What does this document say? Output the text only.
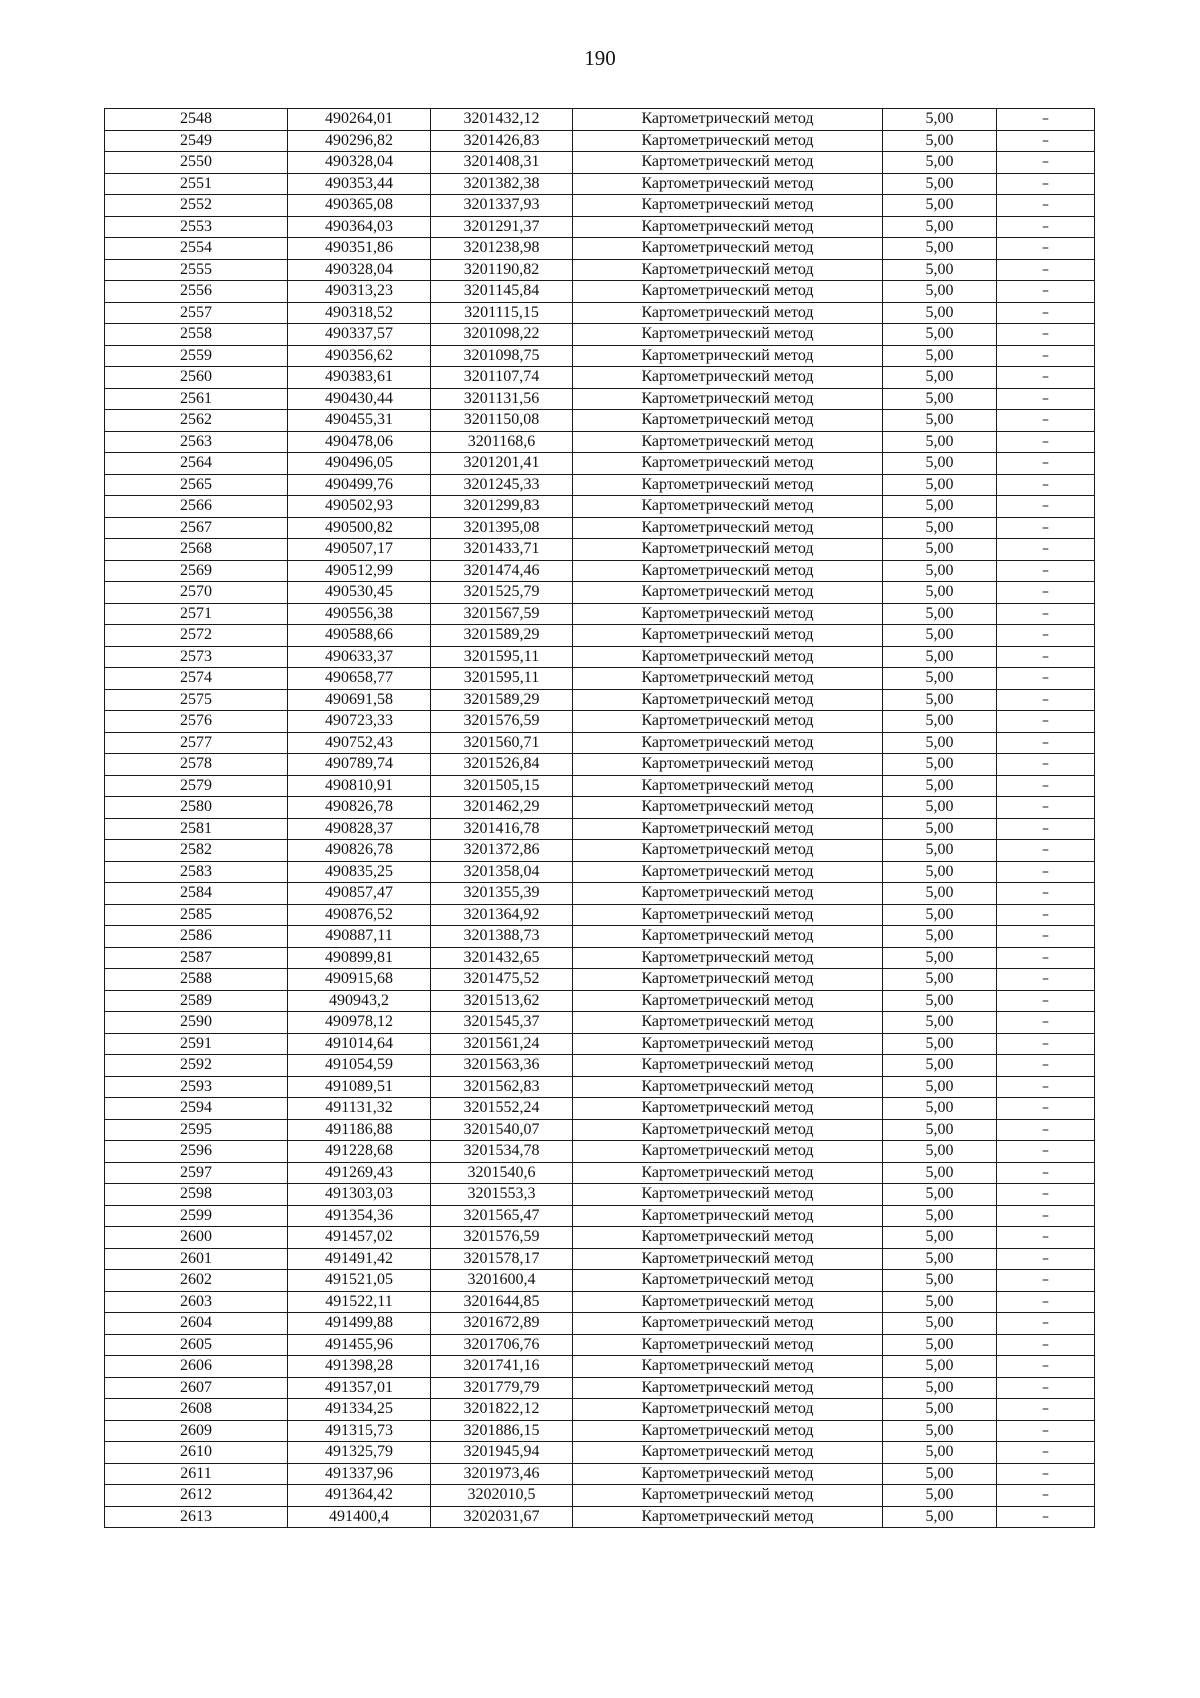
190
2548	490264,01	3201432,12	Картометрический метод	5,00	–
2549	490296,82	3201426,83	Картометрический метод	5,00	–
2550	490328,04	3201408,31	Картометрический метод	5,00	–
2551	490353,44	3201382,38	Картометрический метод	5,00	–
2552	490365,08	3201337,93	Картометрический метод	5,00	–
2553	490364,03	3201291,37	Картометрический метод	5,00	–
2554	490351,86	3201238,98	Картометрический метод	5,00	–
2555	490328,04	3201190,82	Картометрический метод	5,00	–
2556	490313,23	3201145,84	Картометрический метод	5,00	–
2557	490318,52	3201115,15	Картометрический метод	5,00	–
2558	490337,57	3201098,22	Картометрический метод	5,00	–
2559	490356,62	3201098,75	Картометрический метод	5,00	–
2560	490383,61	3201107,74	Картометрический метод	5,00	–
2561	490430,44	3201131,56	Картометрический метод	5,00	–
2562	490455,31	3201150,08	Картометрический метод	5,00	–
2563	490478,06	3201168,6	Картометрический метод	5,00	–
2564	490496,05	3201201,41	Картометрический метод	5,00	–
2565	490499,76	3201245,33	Картометрический метод	5,00	–
2566	490502,93	3201299,83	Картометрический метод	5,00	–
2567	490500,82	3201395,08	Картометрический метод	5,00	–
2568	490507,17	3201433,71	Картометрический метод	5,00	–
2569	490512,99	3201474,46	Картометрический метод	5,00	–
2570	490530,45	3201525,79	Картометрический метод	5,00	–
2571	490556,38	3201567,59	Картометрический метод	5,00	–
2572	490588,66	3201589,29	Картометрический метод	5,00	–
2573	490633,37	3201595,11	Картометрический метод	5,00	–
2574	490658,77	3201595,11	Картометрический метод	5,00	–
2575	490691,58	3201589,29	Картометрический метод	5,00	–
2576	490723,33	3201576,59	Картометрический метод	5,00	–
2577	490752,43	3201560,71	Картометрический метод	5,00	–
2578	490789,74	3201526,84	Картометрический метод	5,00	–
2579	490810,91	3201505,15	Картометрический метод	5,00	–
2580	490826,78	3201462,29	Картометрический метод	5,00	–
2581	490828,37	3201416,78	Картометрический метод	5,00	–
2582	490826,78	3201372,86	Картометрический метод	5,00	–
2583	490835,25	3201358,04	Картометрический метод	5,00	–
2584	490857,47	3201355,39	Картометрический метод	5,00	–
2585	490876,52	3201364,92	Картометрический метод	5,00	–
2586	490887,11	3201388,73	Картометрический метод	5,00	–
2587	490899,81	3201432,65	Картометрический метод	5,00	–
2588	490915,68	3201475,52	Картометрический метод	5,00	–
2589	490943,2	3201513,62	Картометрический метод	5,00	–
2590	490978,12	3201545,37	Картометрический метод	5,00	–
2591	491014,64	3201561,24	Картометрический метод	5,00	–
2592	491054,59	3201563,36	Картометрический метод	5,00	–
2593	491089,51	3201562,83	Картометрический метод	5,00	–
2594	491131,32	3201552,24	Картометрический метод	5,00	–
2595	491186,88	3201540,07	Картометрический метод	5,00	–
2596	491228,68	3201534,78	Картометрический метод	5,00	–
2597	491269,43	3201540,6	Картометрический метод	5,00	–
2598	491303,03	3201553,3	Картометрический метод	5,00	–
2599	491354,36	3201565,47	Картометрический метод	5,00	–
2600	491457,02	3201576,59	Картометрический метод	5,00	–
2601	491491,42	3201578,17	Картометрический метод	5,00	–
2602	491521,05	3201600,4	Картометрический метод	5,00	–
2603	491522,11	3201644,85	Картометрический метод	5,00	–
2604	491499,88	3201672,89	Картометрический метод	5,00	–
2605	491455,96	3201706,76	Картометрический метод	5,00	–
2606	491398,28	3201741,16	Картометрический метод	5,00	–
2607	491357,01	3201779,79	Картометрический метод	5,00	–
2608	491334,25	3201822,12	Картометрический метод	5,00	–
2609	491315,73	3201886,15	Картометрический метод	5,00	–
2610	491325,79	3201945,94	Картометрический метод	5,00	–
2611	491337,96	3201973,46	Картометрический метод	5,00	–
2612	491364,42	3202010,5	Картометрический метод	5,00	–
2613	491400,4	3202031,67	Картометрический метод	5,00	–
